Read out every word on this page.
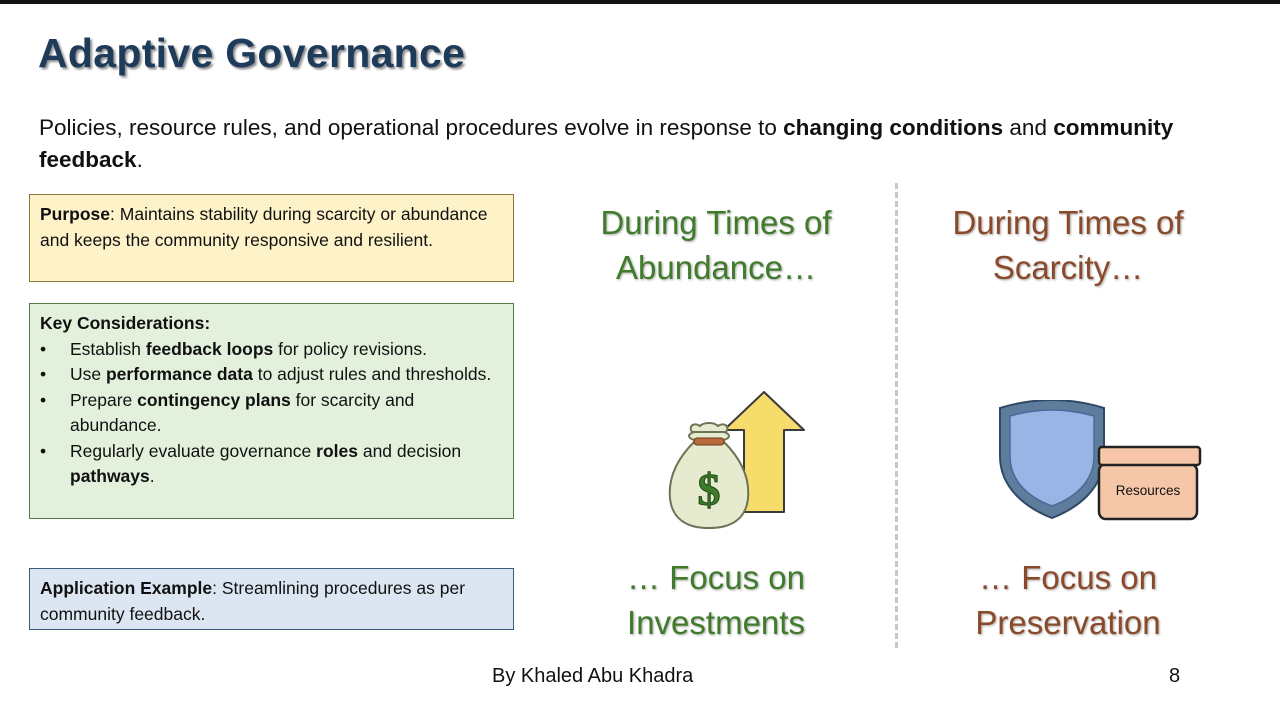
Adaptive Governance
Policies, resource rules, and operational procedures evolve in response to changing conditions and community feedback.
Purpose: Maintains stability during scarcity or abundance and keeps the community responsive and resilient.
Key Considerations:
• Establish feedback loops for policy revisions.
• Use performance data to adjust rules and thresholds.
• Prepare contingency plans for scarcity and abundance.
• Regularly evaluate governance roles and decision pathways.
Application Example: Streamlining procedures as per community feedback.
During Times of
Abundance…
$
… Focus on
Investments
During Times of
Scarcity…
Resources
… Focus on
Preservation
By Khaled Abu Khadra	8
